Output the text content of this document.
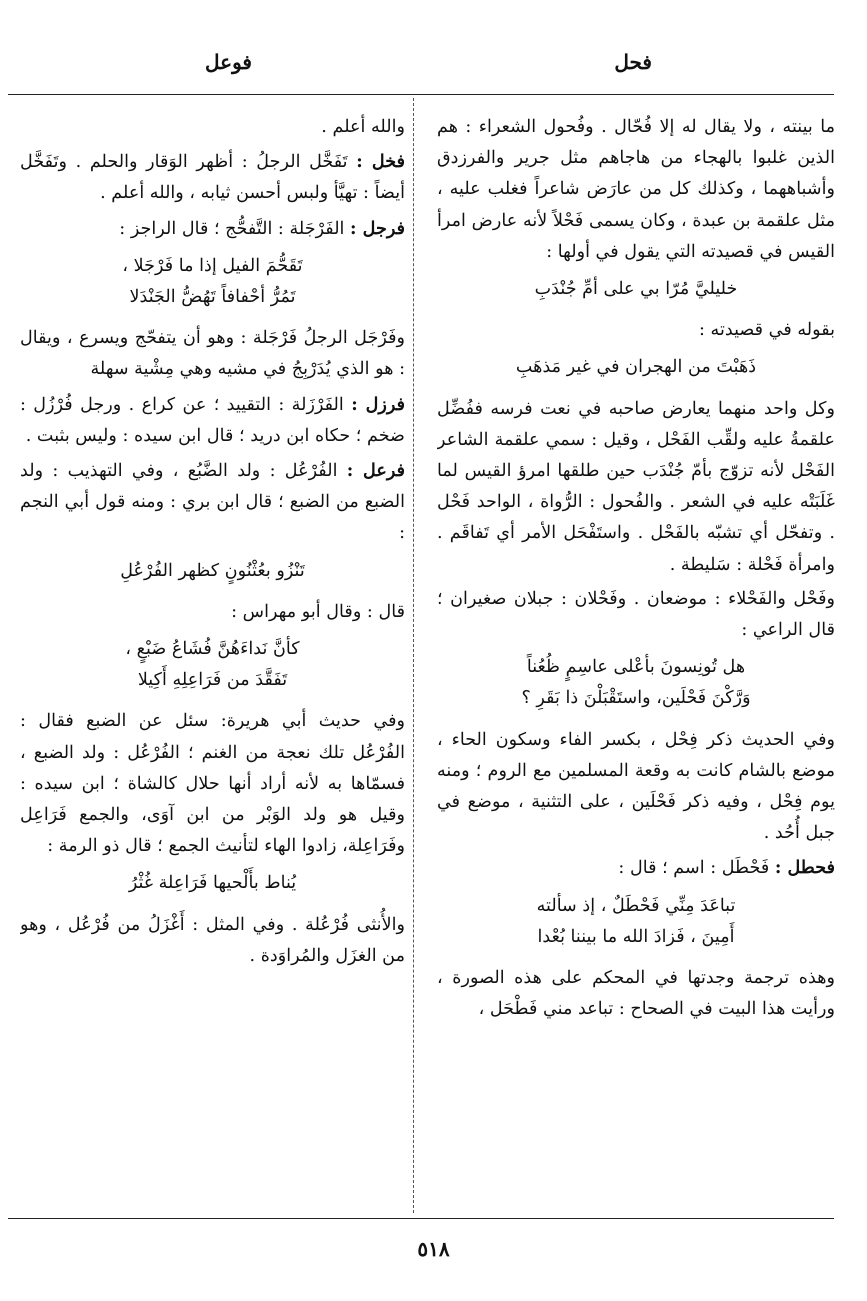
فحل
فوعل

ما بينته ، ولا يقال له إلا فُحّال . وفُحول الشعراء : هم الذين غلبوا بالهجاء من هاجاهم مثل جرير والفرزدق وأشباههما ، وكذلك كل من عارَض شاعراً فغلب عليه ، مثل علقمة بن عبدة ، وكان يسمى فَحْلاً لأنه عارض امرأ القيس في قصيدته التي يقول في أولها :

خليليَّ مُرّا بي على أمِّ جُنْدَبِ

بقوله في قصيدته :

ذَهَبْتَ من الهجران في غير مَذهَبِ

وكل واحد منهما يعارض صاحبه في نعت فرسه ففُضِّل علقمةُ عليه ولقِّب الفَحْل ، وقيل : سمي علقمة الشاعر الفَحْل لأنه تزوّج بأمّ جُنْدَب حين طلقها امرؤ القيس لما غَلَبَتْه عليه في الشعر . والفُحول : الرُّواة ، الواحد فَحْل . وتفحّل أي تشبّه بالفَحْل . واستَفْحَل الأمر أي تَفاقَم . وامرأة فَحْلة : سَليطة .

وفَحْل والفَحْلاء : موضعان . وفَحْلان : جبلان صغيران ؛ قال الراعي :

هل تُونِسونَ بأعْلى عاسِمٍ ظُعُناً
وَرَّكْنَ فَحْلَين، واستَقْبَلْنَ ذا بَقَرِ ؟

وفي الحديث ذكر فِحْل ، بكسر الفاء وسكون الحاء ، موضع بالشام كانت به وقعة المسلمين مع الروم ؛ ومنه يوم فِحْل ، وفيه ذكر فَحْلَين ، على التثنية ، موضع في جبل أُحُد .

فحطل : فَحْطَل : اسم ؛ قال :

تباعَدَ مِنِّي فَحْطَلٌ ، إذ سألته
أَمِينَ ، فَزادَ الله ما بيننا بُعْدا

وهذه ترجمة وجدتها في المحكم على هذه الصورة ، ورأيت هذا البيت في الصحاح : تباعد مني فَطْحَل ،

والله أعلم .

فخل : تَفَخَّل الرجلُ : أظهر الوَقار والحلم . وتَفَخَّل أيضاً : تهيَّأ ولبس أحسن ثيابه ، والله أعلم .

فرجل : الفَرْجَلة : التَّفحُّج ؛ قال الراجز :

تَقَحُّمَ الفيل إذا ما فَرْجَلا ،
تَمُرُّ أحْفافاً تَهُضُّ الجَنْدَلا

وفَرْجَل الرجلُ فَرْجَلة : وهو أن يتفحّج ويسرع ، ويقال : هو الذي يُدَرْبِجُ في مشيه وهي مِشْية سهلة

فرزل : الفَرْزَلة : التقييد ؛ عن كراع . ورجل فُرْزُل : ضخم ؛ حكاه ابن دريد ؛ قال ابن سيده : وليس بثبت .

فرعل : الفُرْعُل : ولد الضَّبُع ، وفي التهذيب : ولد الضبع من الضبع ؛ قال ابن بري : ومنه قول أبي النجم :

تَنْزُو بعُثْنُونٍ كظهر الفُرْعُلِ

قال : وقال أبو مهراس :

كأنَّ نَداءَهُنَّ فُشَاعُ ضَبْعٍ ،
تَفَقَّدَ من فَرَاعِلِهِ أَكِيلا

وفي حديث أبي هريرة: سئل عن الضبع فقال : الفُرْعُل تلك نعجة من الغنم ؛ الفُرْعُل : ولد الضبع ، فسمّاها به لأنه أراد أنها حلال كالشاة ؛ ابن سيده : وقيل هو ولد الوَبْر من ابن آوَى، والجمع فَرَاعِل وفَرَاعِلة، زادوا الهاء لتأنيث الجمع ؛ قال ذو الرمة :

يُناط بأَلْحيها فَرَاعِلة غُثْرُ

والأُنثى فُرْعُلة . وفي المثل : أَغْزَلُ من فُرْعُل ، وهو من الغزَل والمُراوَدة .

٥١٨
